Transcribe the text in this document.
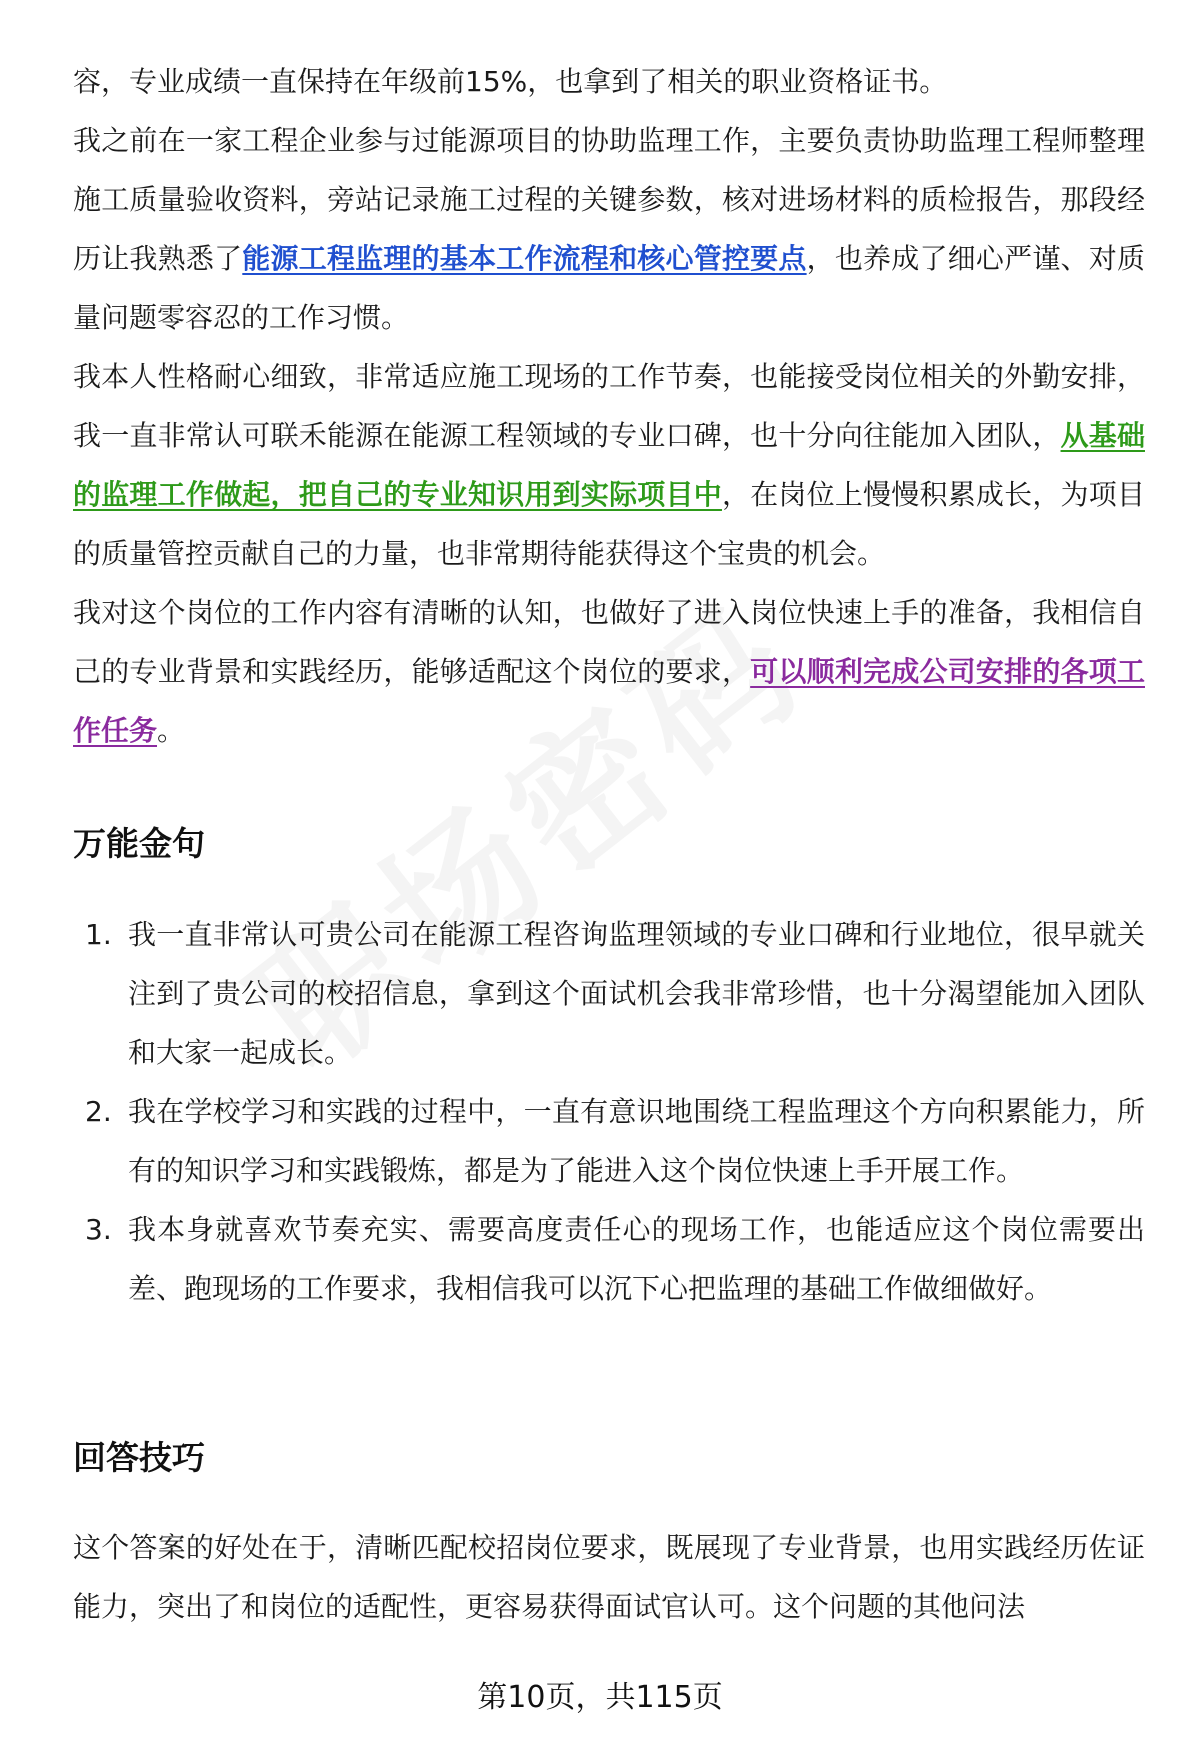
容，专业成绩一直保持在年级前15%，也拿到了相关的职业资格证书。

我之前在一家工程企业参与过能源项目的协助监理工作，主要负责协助监理工程师整理施工质量验收资料，旁站记录施工过程的关键参数，核对进场材料的质检报告，那段经历让我熟悉了能源工程监理的基本工作流程和核心管控要点，也养成了细心严谨、对质量问题零容忍的工作习惯。

我本人性格耐心细致，非常适应施工现场的工作节奏，也能接受岗位相关的外勤安排，我一直非常认可联禾能源在能源工程领域的专业口碑，也十分向往能加入团队，从基础的监理工作做起，把自己的专业知识用到实际项目中，在岗位上慢慢积累成长，为项目的质量管控贡献自己的力量，也非常期待能获得这个宝贵的机会。

我对这个岗位的工作内容有清晰的认知，也做好了进入岗位快速上手的准备，我相信自己的专业背景和实践经历，能够适配这个岗位的要求，可以顺利完成公司安排的各项工作任务。

万能金句
1. 我一直非常认可贵公司在能源工程咨询监理领域的专业口碑和行业地位，很早就关注到了贵公司的校招信息，拿到这个面试机会我非常珍惜，也十分渴望能加入团队和大家一起成长。
2. 我在学校学习和实践的过程中，一直有意识地围绕工程监理这个方向积累能力，所有的知识学习和实践锻炼，都是为了能进入这个岗位快速上手开展工作。
3. 我本身就喜欢节奏充实、需要高度责任心的现场工作，也能适应这个岗位需要出差、跑现场的工作要求，我相信我可以沉下心把监理的基础工作做细做好。
回答技巧

这个答案的好处在于，清晰匹配校招岗位要求，既展现了专业背景，也用实践经历佐证能力，突出了和岗位的适配性，更容易获得面试官认可。这个问题的其他问法

第10页，共115页
